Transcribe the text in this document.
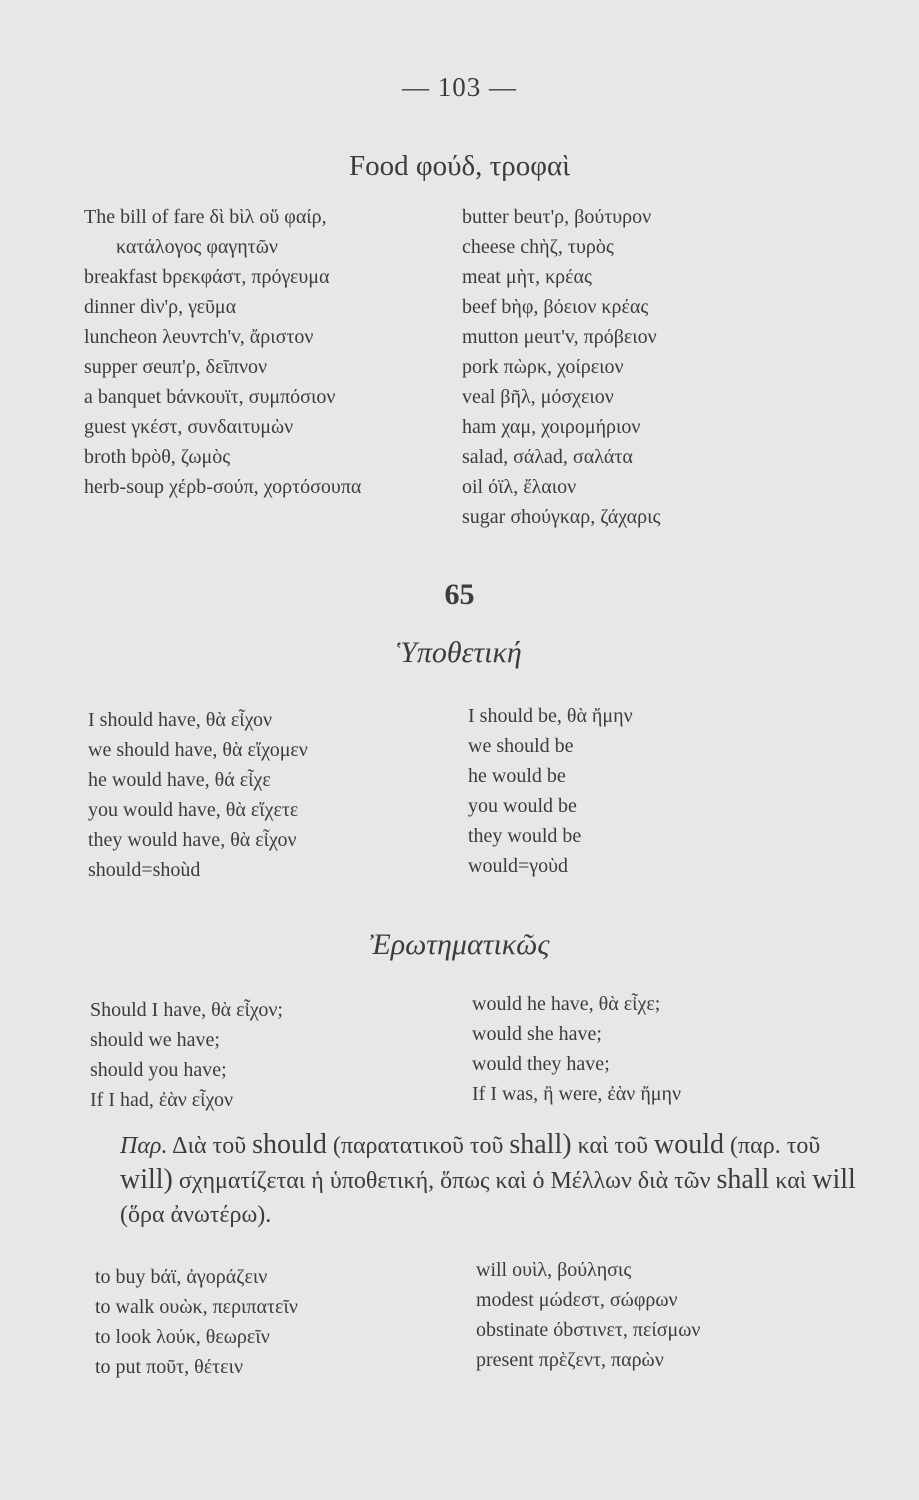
— 103 —
Food φούδ, τροφαὶ
The bill of fare δὶ bὶλ οὕ φαίρ,
κατάλογος φαγητῶν
breakfast bρεκφάστ, πρόγευμα
dinner dὶν'ρ, γεῦμα
luncheon λeυνтch'v, ἄριστον
supper σeuπ'ρ, δεῖπνον
a banquet bάνκουϊτ, συμπόσιον
guest γκέστ, συνδαιτυμὼν
broth bρὸθ, ζωμὸς
herb-soup χέρb-σούπ, χορτόσουπα
butter beuτ'ρ, βούτυρον
cheese chὴζ, τυρὸς
meat μὴτ, κρέας
beef bὴφ, βόειον κρέας
mutton μeuτ'v, πρόβειον
pork πὼρκ, χοίρειον
veal βῆλ, μόσχειον
ham χαμ, χοιρομήριον
salad, σάλad, σαλάτα
oil όϊλ, ἔλαιον
sugar σhούγκαρ, ζάχαρις
65
Ὑποθετική
I should have, θὰ εἶχον
we should have, θὰ εἴχομεν
he would have, θά εἶχε
you would have, θὰ εἴχετε
they would have, θὰ εἶχον
should=shoùd
I should be, θὰ ἤμην
we should be
he would be
you would be
they would be
would=γοὺd
Ἐρωτηματικῶς
Should I have, θὰ εἶχον;
should we have;
should you have;
If I had, ἐὰν εἶχον
would he have, θὰ εἶχε;
would she have;
would they have;
If I was, ἢ were, ἐὰν ἤμην
Παρ. Διὰ τοῦ should (παρατατικοῦ τοῦ shall) καὶ τοῦ would (παρ. τοῦ will) σχηματίζεται ἡ ὑποθετική, ὅπως καὶ ὁ Μέλλων διὰ τῶν shall καὶ will (ὅρα ἀνωτέρω).
to buy bάϊ, ἀγοράζειν
to walk ουὼκ, περιπατεῖν
to look λούκ, θεωρεῖν
to put ποῦτ, θέτειν
will ουὶλ, βούλησις
modest μώdεστ, σώφρων
obstinate όbστινετ, πείσμων
present πρὲζεντ, παρὼν
